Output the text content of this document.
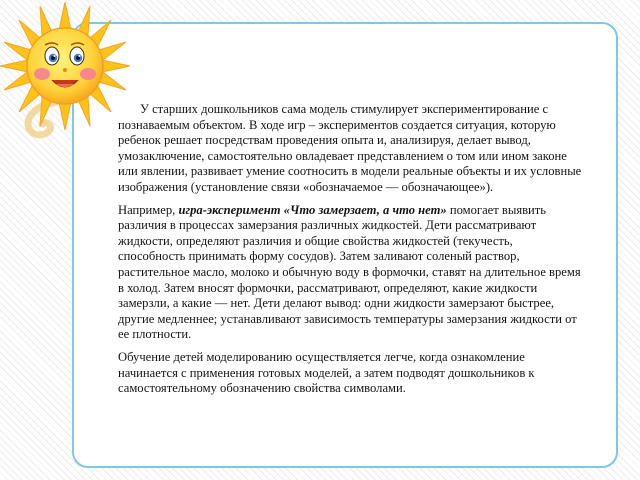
У старших дошкольников сама модель стимулирует экспериментирование с познаваемым объектом. В ходе игр – экспериментов создается ситуация, которую ребенок решает посредствам проведения опыта и, анализируя, делает вывод, умозаключение, самостоятельно овладевает представлением о том или ином законе или явлении, развивает умение соотносить в модели реальные объекты и их условные изображения (установление связи «обозначаемое — обозначающее»).

Например, игра-эксперимент «Что замерзает, а что нет» помогает выявить различия в процессах замерзания различных жидкостей. Дети рассматривают жидкости, определяют различия и общие свойства жидкостей (текучесть, способность принимать форму сосудов). Затем заливают соленый раствор, растительное масло, молоко и обычную воду в формочки, ставят на длительное время в холод. Затем вносят формочки, рассматривают, определяют, какие жидкости замерзли, а какие — нет. Дети делают вывод: одни жидкости замерзают быстрее, другие медленнее; устанавливают зависимость температуры замерзания жидкости от ее плотности.

Обучение детей моделированию осуществляется легче, когда ознакомление начинается с применения готовых моделей, а затем подводят дошкольников к самостоятельному обозначению свойства символами.
